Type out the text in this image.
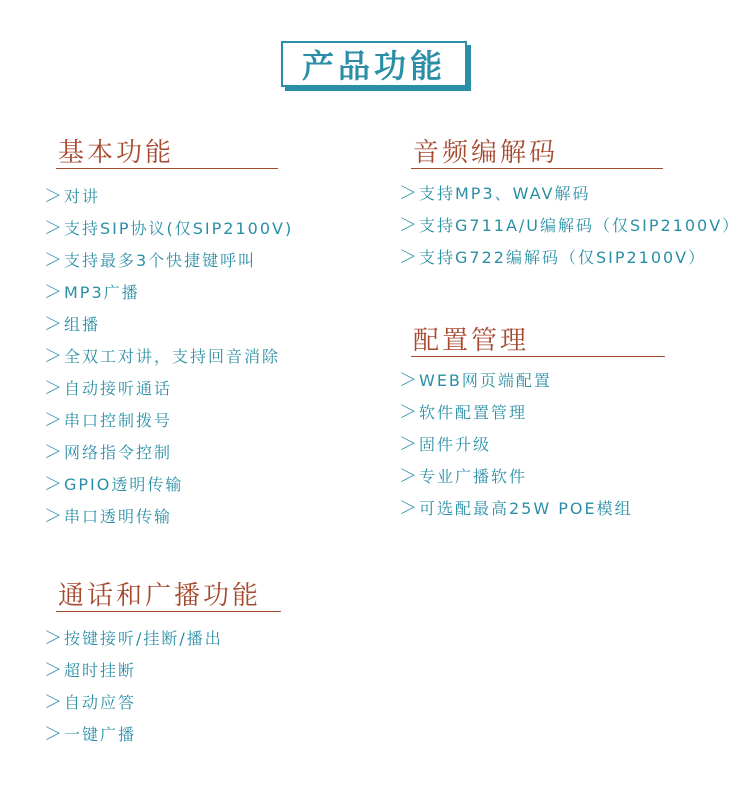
产品功能
基本功能
＞ 对讲
＞ 支持SIP协议(仅SIP2100V)
＞ 支持最多3个快捷键呼叫
＞ MP3广播
＞ 组播
＞ 全双工对讲，支持回音消除
＞ 自动接听通话
＞ 串口控制拨号
＞ 网络指令控制
＞ GPIO透明传输
＞ 串口透明传输
音频编解码
＞ 支持MP3、WAV解码
＞ 支持G711A/U编解码（仅SIP2100V）
＞ 支持G722编解码（仅SIP2100V）
配置管理
＞ WEB网页端配置
＞ 软件配置管理
＞ 固件升级
＞ 专业广播软件
＞ 可选配最高25W POE模组
通话和广播功能
＞ 按键接听/挂断/播出
＞ 超时挂断
＞ 自动应答
＞ 一键广播
